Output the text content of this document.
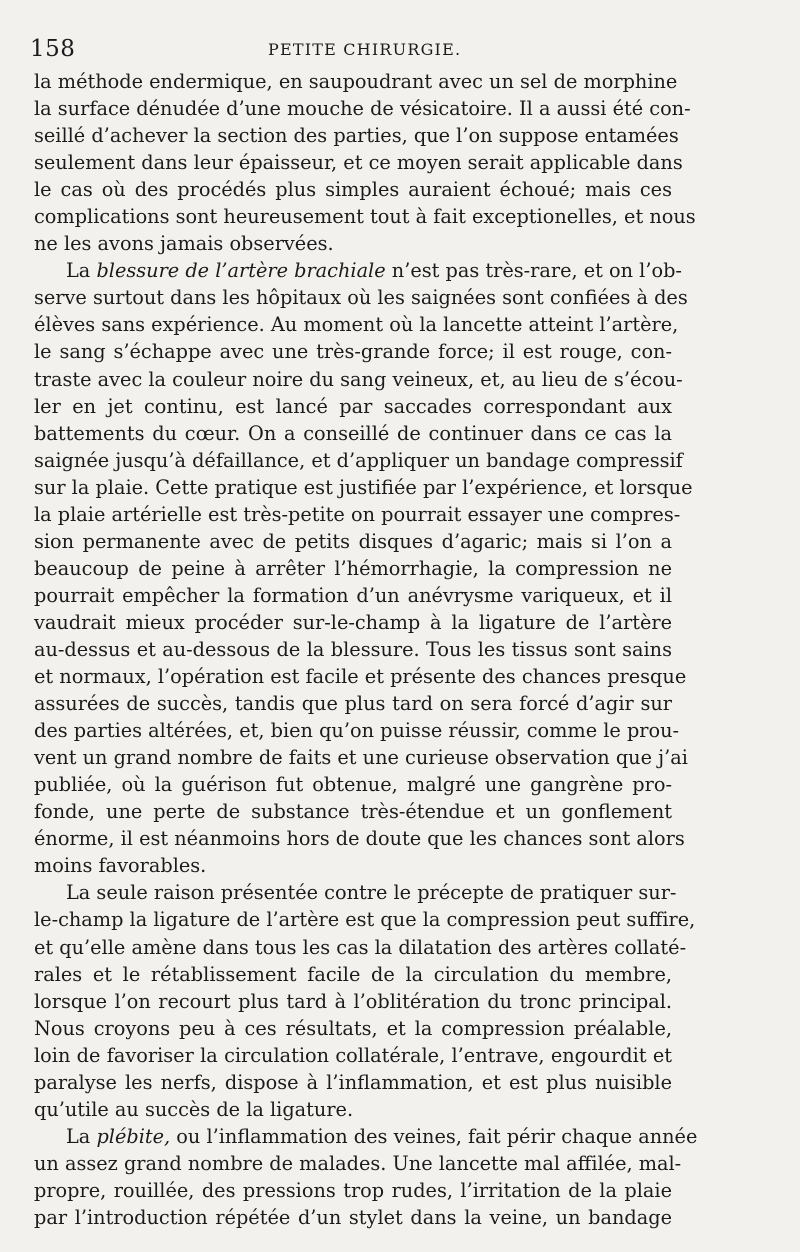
158	PETITE CHIRURGIE.
la méthode endermique, en saupoudrant avec un sel de morphine
la surface dénudée d’une mouche de vésicatoire. Il a aussi été con-
seillé d’achever la section des parties, que l’on suppose entamées
seulement dans leur épaisseur, et ce moyen serait applicable dans
le cas où des procédés plus simples auraient échoué; mais ces
complications sont heureusement tout à fait exceptionelles, et nous
ne les avons jamais observées.
La blessure de l’artère brachiale n’est pas très-rare, et on l’ob-
serve surtout dans les hôpitaux où les saignées sont confiées à des
élèves sans expérience. Au moment où la lancette atteint l’artère,
le sang s’échappe avec une très-grande force; il est rouge, con-
traste avec la couleur noire du sang veineux, et, au lieu de s’écou-
ler en jet continu, est lancé par saccades correspondant aux
battements du cœur. On a conseillé de continuer dans ce cas la
saignée jusqu’à défaillance, et d’appliquer un bandage compressif
sur la plaie. Cette pratique est justifiée par l’expérience, et lorsque
la plaie artérielle est très-petite on pourrait essayer une compres-
sion permanente avec de petits disques d’agaric; mais si l’on a
beaucoup de peine à arrêter l’hémorrhagie, la compression ne
pourrait empêcher la formation d’un anévrysme variqueux, et il
vaudrait mieux procéder sur-le-champ à la ligature de l’artère
au-dessus et au-dessous de la blessure. Tous les tissus sont sains
et normaux, l’opération est facile et présente des chances presque
assurées de succès, tandis que plus tard on sera forcé d’agir sur
des parties altérées, et, bien qu’on puisse réussir, comme le prou-
vent un grand nombre de faits et une curieuse observation que j’ai
publiée, où la guérison fut obtenue, malgré une gangrène pro-
fonde, une perte de substance très-étendue et un gonflement
énorme, il est néanmoins hors de doute que les chances sont alors
moins favorables.
La seule raison présentée contre le précepte de pratiquer sur-
le-champ la ligature de l’artère est que la compression peut suffire,
et qu’elle amène dans tous les cas la dilatation des artères collaté-
rales et le rétablissement facile de la circulation du membre,
lorsque l’on recourt plus tard à l’oblitération du tronc principal.
Nous croyons peu à ces résultats, et la compression préalable,
loin de favoriser la circulation collatérale, l’entrave, engourdit et
paralyse les nerfs, dispose à l’inflammation, et est plus nuisible
qu’utile au succès de la ligature.
La plébite, ou l’inflammation des veines, fait périr chaque année
un assez grand nombre de malades. Une lancette mal affilée, mal-
propre, rouillée, des pressions trop rudes, l’irritation de la plaie
par l’introduction répétée d’un stylet dans la veine, un bandage
